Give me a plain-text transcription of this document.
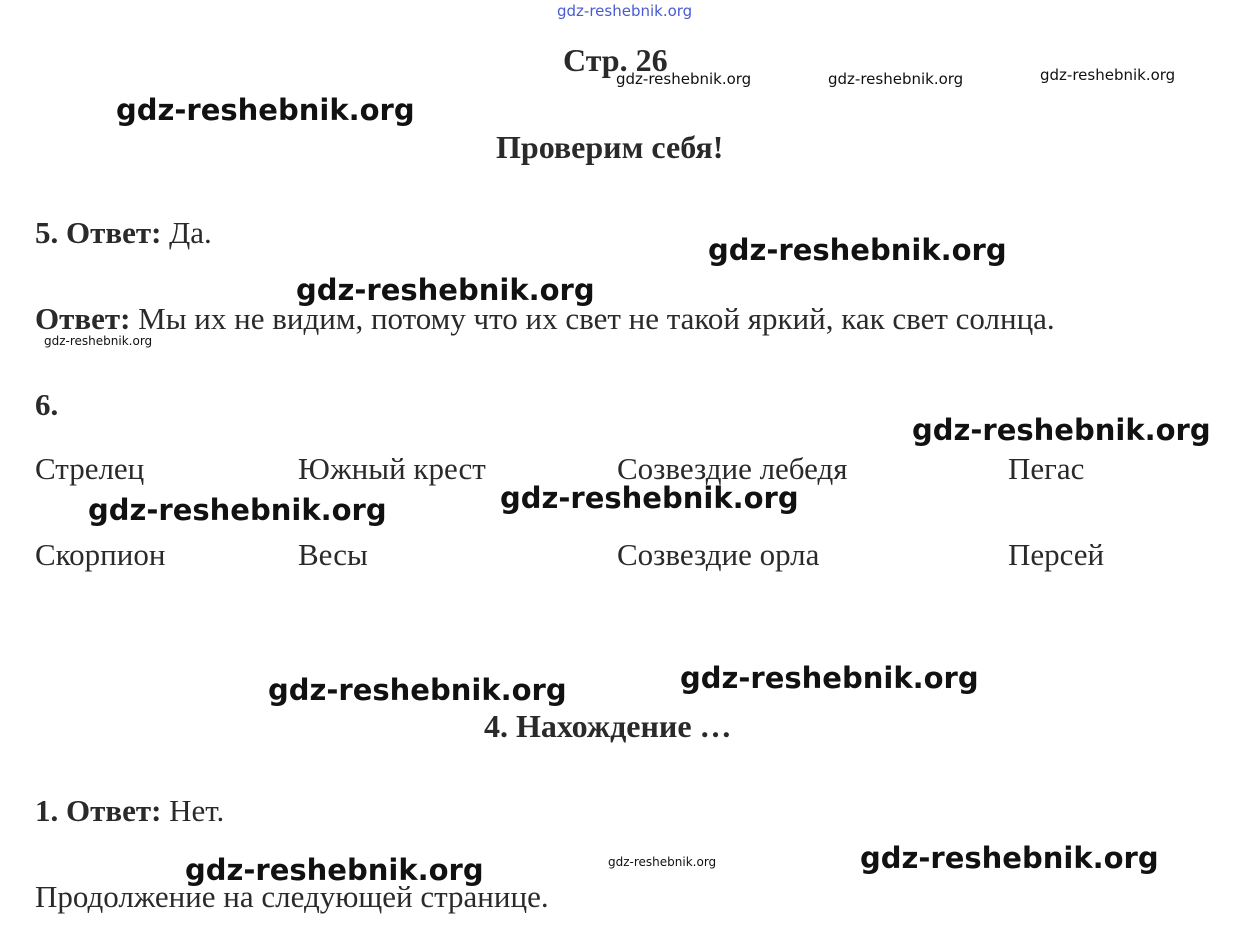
Стр. 26
Проверим себя!
5. Ответ: Да.
Ответ: Мы их не видим, потому что их свет не такой яркий, как свет солнца.
6.
Стрелец	Южный крест	Созвездие лебедя	Пегас
Скорпион	Весы	Созвездие орла	Персей
4. Нахождение …
1. Ответ: Нет.
Продолжение на следующей странице.
gdz-reshebnik.org
gdz-reshebnik.org	gdz-reshebnik.org	gdz-reshebnik.org
gdz-reshebnik.org
gdz-reshebnik.org
gdz-reshebnik.org
gdz-reshebnik.org
gdz-reshebnik.org
gdz-reshebnik.org
gdz-reshebnik.org
gdz-reshebnik.org
gdz-reshebnik.org
gdz-reshebnik.org
gdz-reshebnik.org
gdz-reshebnik.org
